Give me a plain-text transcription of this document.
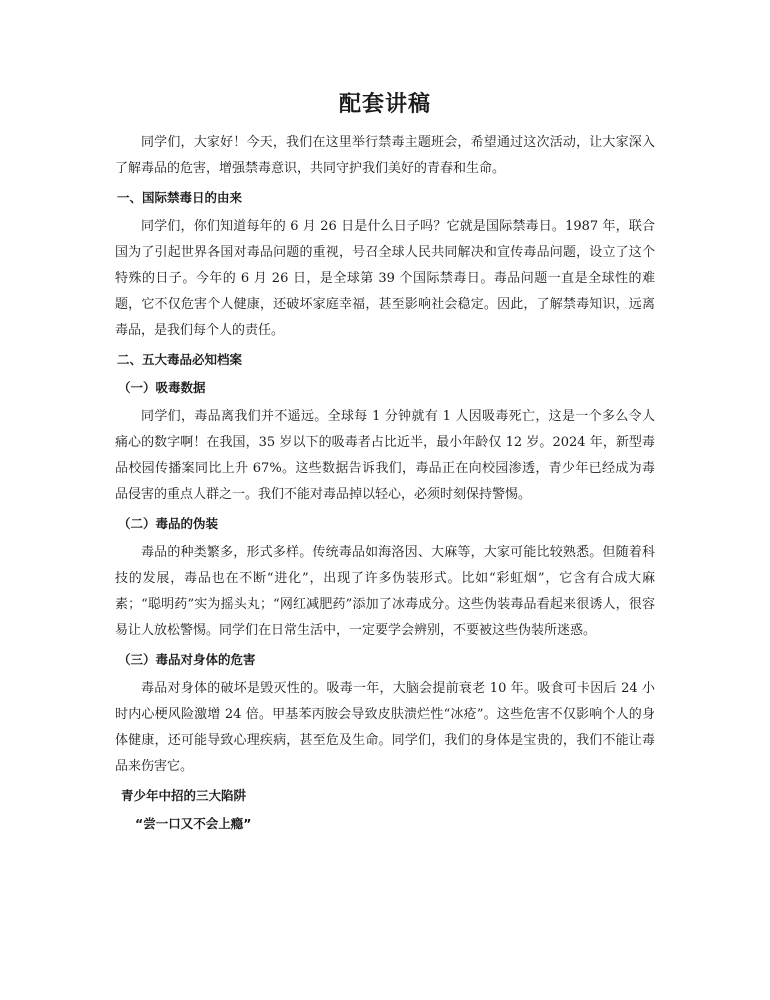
配套讲稿

同学们，大家好！今天，我们在这里举行禁毒主题班会，希望通过这次活动，让大家深入了解毒品的危害，增强禁毒意识，共同守护我们美好的青春和生命。

一、国际禁毒日的由来

同学们，你们知道每年的 6 月 26 日是什么日子吗？它就是国际禁毒日。1987 年，联合国为了引起世界各国对毒品问题的重视，号召全球人民共同解决和宣传毒品问题，设立了这个特殊的日子。今年的 6 月 26 日，是全球第 39 个国际禁毒日。毒品问题一直是全球性的难题，它不仅危害个人健康，还破坏家庭幸福，甚至影响社会稳定。因此，了解禁毒知识，远离毒品，是我们每个人的责任。

二、五大毒品必知档案
（一）吸毒数据

同学们，毒品离我们并不遥远。全球每 1 分钟就有 1 人因吸毒死亡，这是一个多么令人痛心的数字啊！在我国，35 岁以下的吸毒者占比近半，最小年龄仅 12 岁。2024 年，新型毒品校园传播案同比上升 67%。这些数据告诉我们，毒品正在向校园渗透，青少年已经成为毒品侵害的重点人群之一。我们不能对毒品掉以轻心，必须时刻保持警惕。

（二）毒品的伪装

毒品的种类繁多，形式多样。传统毒品如海洛因、大麻等，大家可能比较熟悉。但随着科技的发展，毒品也在不断“进化”，出现了许多伪装形式。比如“彩虹烟”，它含有合成大麻素；“聪明药”实为摇头丸；“网红减肥药”添加了冰毒成分。这些伪装毒品看起来很诱人，很容易让人放松警惕。同学们在日常生活中，一定要学会辨别，不要被这些伪装所迷惑。

（三）毒品对身体的危害

毒品对身体的破坏是毁灭性的。吸毒一年，大脑会提前衰老 10 年。吸食可卡因后 24 小时内心梗风险激增 24 倍。甲基苯丙胺会导致皮肤溃烂性“冰疮”。这些危害不仅影响个人的身体健康，还可能导致心理疾病，甚至危及生命。同学们，我们的身体是宝贵的，我们不能让毒品来伤害它。

青少年中招的三大陷阱
“尝一口又不会上瘾”
